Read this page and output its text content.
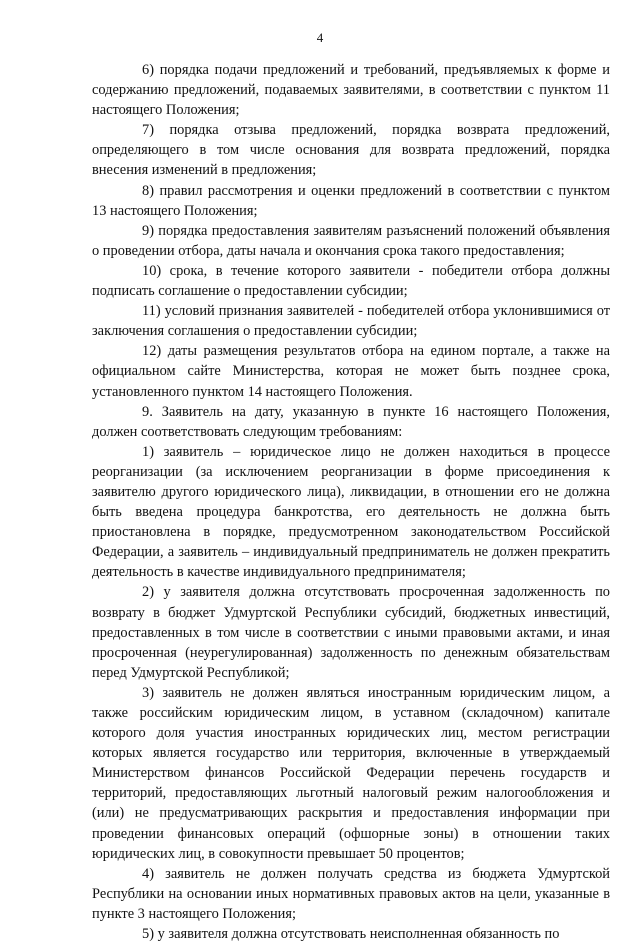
4

6) порядка подачи предложений и требований, предъявляемых к форме и содержанию предложений, подаваемых заявителями, в соответствии с пунктом 11 настоящего Положения;

7) порядка отзыва предложений, порядка возврата предложений, определяющего в том числе основания для возврата предложений, порядка внесения изменений в предложения;

8) правил рассмотрения и оценки предложений в соответствии с пунктом 13 настоящего Положения;

9) порядка предоставления заявителям разъяснений положений объявления о проведении отбора, даты начала и окончания срока такого предоставления;

10) срока, в течение которого заявители - победители отбора должны подписать соглашение о предоставлении субсидии;

11) условий признания заявителей - победителей отбора уклонившимися от заключения соглашения о предоставлении субсидии;

12) даты размещения результатов отбора на едином портале, а также на официальном сайте Министерства, которая не может быть позднее срока, установленного пунктом 14 настоящего Положения.

9. Заявитель на дату, указанную в пункте 16 настоящего Положения, должен соответствовать следующим требованиям:

1) заявитель – юридическое лицо не должен находиться в процессе реорганизации (за исключением реорганизации в форме присоединения к заявителю другого юридического лица), ликвидации, в отношении его не должна быть введена процедура банкротства, его деятельность не должна быть приостановлена в порядке, предусмотренном законодательством Российской Федерации, а заявитель – индивидуальный предприниматель не должен прекратить деятельность в качестве индивидуального предпринимателя;

2) у заявителя должна отсутствовать просроченная задолженность по возврату в бюджет Удмуртской Республики субсидий, бюджетных инвестиций, предоставленных в том числе в соответствии с иными правовыми актами, и иная просроченная (неурегулированная) задолженность по денежным обязательствам перед Удмуртской Республикой;

3) заявитель не должен являться иностранным юридическим лицом, а также российским юридическим лицом, в уставном (складочном) капитале которого доля участия иностранных юридических лиц, местом регистрации которых является государство или территория, включенные в утверждаемый Министерством финансов Российской Федерации перечень государств и территорий, предоставляющих льготный налоговый режим налогообложения и (или) не предусматривающих раскрытия и предоставления информации при проведении финансовых операций (офшорные зоны) в отношении таких юридических лиц, в совокупности превышает 50 процентов;

4) заявитель не должен получать средства из бюджета Удмуртской Республики на основании иных нормативных правовых актов на цели, указанные в пункте 3 настоящего Положения;

5) у заявителя должна отсутствовать неисполненная обязанность по
